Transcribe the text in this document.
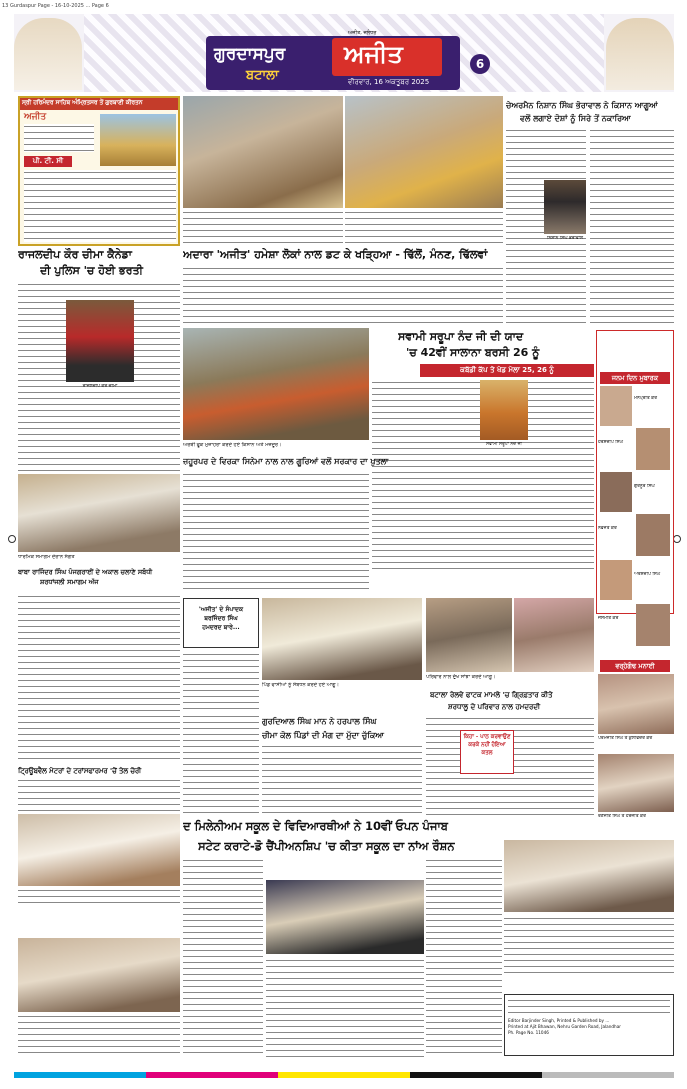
13 Gurdaspur Page - 16-10-2025 ... Page 6
ਗੁਰਦਾਸਪੁਰ
ਬਟਾਲਾ
ਅਜੀਤ, ਜਲੰਧਰ
ਅਜੀਤ
ਵੀਰਵਾਰ, 16 ਅਕਤੂਬਰ 2025
6
ਸ੍ਰੀ ਹਰਿਮੰਦਰ ਸਾਹਿਬ ਅੰਮ੍ਰਿਤਸਰ ਤੋਂ ਗੁਰਬਾਣੀ ਕੀਰਤਨ
ਅਜੀਤ
ਪੀ. ਟੀ. ਸੀ
ਅਦਾਰਾ 'ਅਜੀਤ' ਹਮੇਸ਼ਾ ਲੋਕਾਂ ਨਾਲ ਡਟ ਕੇ ਖੜ੍ਹਿਆ - ਢਿੱਲੋਂ, ਮੰਨਣ, ਢਿੱਲਵਾਂ
ਚੇਅਰਮੈਨ ਨਿਸ਼ਾਨ ਸਿੰਘ ਭੋਰਾਵਾਲ ਨੇ ਕਿਸਾਨ ਆਗੂਆਂ
ਵਲੋਂ ਲਗਾਏ ਦੋਸ਼ਾਂ ਨੂੰ ਸਿਰੇ ਤੋਂ ਨਕਾਰਿਆ
ਨਿਸ਼ਾਨ ਸਿੰਘ ਭੋਰਾਵਾਲ
ਰਾਜਲਦੀਪ ਕੌਰ ਚੀਮਾ ਕੈਨੇਡਾ
ਦੀ ਪੁਲਿਸ 'ਚ ਹੋਈ ਭਰਤੀ
ਰਾਜਲਦੀਪ ਕੌਰ ਚੀਮਾ
ਅਰਥੀ ਫੂਕ ਮੁਜ਼ਾਹਰਾ ਕਰਦੇ ਹੋਏ ਕਿਸਾਨ ਅਤੇ ਮਜ਼ਦੂਰ।
ਸਵਾਮੀ ਸਰੂਪਾ ਨੰਦ ਜੀ ਦੀ ਯਾਦ
'ਚ 42ਵੀਂ ਸਾਲਾਨਾ ਬਰਸੀ 26 ਨੂੰ
ਕਬੱਡੀ ਕੱਪ ਤੇ ਖੇਡ ਮੇਲਾ 25, 26 ਨੂੰ
ਸਵਾਮੀ ਸਰੂਪਾ ਨੰਦ ਜੀ
ਜ਼ਹੂਰਪਰ ਦੇ ਵਿਰਕਾ ਸਿਨੇਮਾ ਨਾਲ ਨਾਲ ਗੂਰਿਆਂ ਵਲੋਂ ਸਰਕਾਰ ਦਾ ਪੁਤਲਾ
ਜਨਮ ਦਿਨ ਮੁਬਾਰਕ
ਮਨਪ੍ਰੀਤ ਕੌਰ
ਹਰਸ਼ਦੀਪ ਸਿੰਘ
ਗੁਰਨੂਰ ਸਿੰਘ
ਨਵਜੋਤ ਕੌਰ
ਅਰਸ਼ਦੀਪ ਸਿੰਘ
ਜਸਮੀਤ ਕੌਰ
ਧਾਰਮਿਕ ਸਮਾਗਮ ਦੌਰਾਨ ਸੰਗਤ
ਬਾਬਾ ਰਾਜਿੰਦਰ ਸਿੰਘ ਪੰਜਗਰਾਈਂ ਦੇ ਅਕਾਲ ਚਲਾਣੇ ਸਬੰਧੀ
ਸ਼ਰਧਾਂਜਲੀ ਸਮਾਗਮ ਅੱਜ
'ਅਜੀਤ' ਦੇ ਸੰਪਾਦਕ
ਬਰਜਿੰਦਰ ਸਿੰਘ
ਹਮਦਰਦ ਬਾਰੇ...
ਪਿੰਡ ਵਾਸੀਆਂ ਨੂੰ ਸੰਬੋਧਨ ਕਰਦੇ ਹੋਏ ਆਗੂ।
ਪਰਿਵਾਰ ਨਾਲ ਦੁੱਖ ਸਾਂਝਾ ਕਰਦੇ ਆਗੂ।
ਬਟਾਲਾ ਰੇਲਵੇ ਫਾਟਕ ਮਾਮਲੇ 'ਚ ਗ੍ਰਿਫ਼ਤਾਰ ਕੀਤੇ
ਸ਼ਰਧਾਲੂ ਦੇ ਪਰਿਵਾਰ ਨਾਲ ਹਮਦਰਦੀ
ਵਰ੍ਹੇਗੰਢ ਮਨਾਈ
ਪਰਮਜੀਤ ਸਿੰਘ ਤੇ ਕੁਲਵਿੰਦਰ ਕੌਰ
ਰਣਜੀਤ ਸਿੰਘ ਤੇ ਹਰਜੀਤ ਕੌਰ
ਟ੍ਰਿਊਬਵੈਲ ਮੋਟਰਾਂ ਦੇ ਟਰਾਂਸਫਾਰਮਰ 'ਚੋਂ ਤੇਲ ਚੋਰੀ
ਗੁਰਦਿਆਲ ਸਿੰਘ ਮਾਨ ਨੇ ਹਰਪਾਲ ਸਿੰਘ
ਚੀਮਾ ਕੋਲ ਪਿੰਡਾਂ ਦੀ ਮੰਗ ਦਾ ਮੁੱਦਾ ਚੁੱਕਿਆ	ਕਿਹਾ - ਪਾਠ ਕਰਵਾਉਣ ਕਰਕੇ ਨਹੀਂ ਹੋਇਆ ਕਤਲ
ਦ ਮਿਲੇਨੀਅਮ ਸਕੂਲ ਦੇ ਵਿਦਿਆਰਥੀਆਂ ਨੇ 10ਵੀਂ ਓਪਨ ਪੰਜਾਬ
ਸਟੇਟ ਕਰਾਟੇ-ਡੋ ਚੈਂਪੀਅਨਸ਼ਿਪ 'ਚ ਕੀਤਾ ਸਕੂਲ ਦਾ ਨਾਂਅ ਰੌਸ਼ਨ
Editor Barjinder Singh, Printed & Published by ...
Printed at Ajit Bhawan, Nehru Garden Road, Jalandhar
Ph. Page No. 11046
